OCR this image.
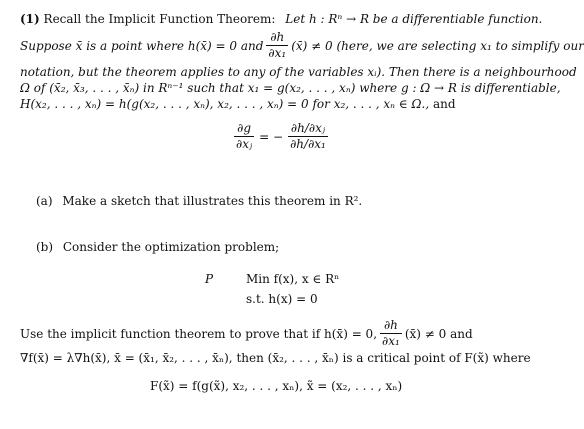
(1) Recall the Implicit Function Theorem: Let h : Rⁿ → R be a differentiable function.
Suppose x̄ is a point where h(x̄) = 0 and $\frac{\partial h}{\text{∂x₁}}$ (x̄) ≠ 0 (here, we are selecting x₁ to simplify our
notation, but the theorem applies to any of the variables xᵢ). Then there is a neighbourhood
Ω of (x̄₂, x̄₃, . . . , x̄ₙ) in Rⁿ⁻¹ such that x₁ = g(x₂, . . . , xₙ) where g : Ω → R is differentiable,
H(x₂, . . . , xₙ) = h(g(x₂, . . . , xₙ), x₂, . . . , xₙ) = 0 for x₂, . . . , xₙ ∈ Ω., and
$\frac{\partial g}{\text{∂xⱼ}}$ = − $\frac{\text{∂h/∂xⱼ}}{\text{∂h/∂x₁}}$
(a) Make a sketch that illustrates this theorem in R².
(b) Consider the optimization problem;
P	Min f(x), x ∈ Rⁿ
s.t. h(x) = 0
Use the implicit function theorem to prove that if h(x̄) = 0, $\frac{\partial h}{\text{∂x₁}}$ (x̄) ≠ 0 and
∇f(x̄) = λ∇h(x̄), x̄ = (x̄₁, x̄₂, . . . , x̄ₙ), then (x̄₂, . . . , x̄ₙ) is a critical point of F(x̃) where
F(x̃) = f(g(x̃), x₂, . . . , xₙ), x̃ = (x₂, . . . , xₙ)
